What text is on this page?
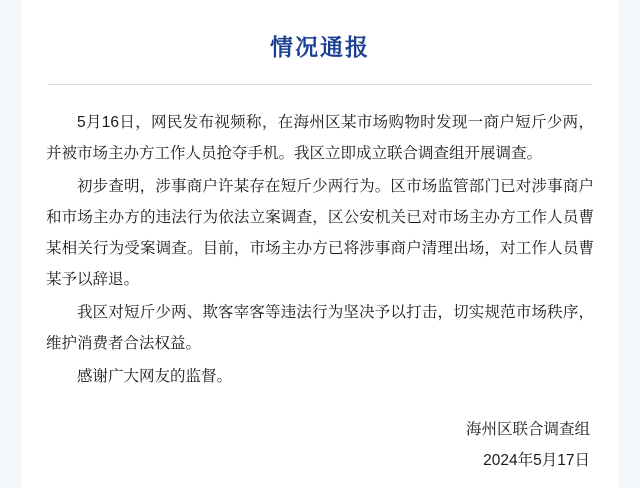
情况通报

5月16日，网民发布视频称，在海州区某市场购物时发现一商户短斤少两，并被市场主办方工作人员抢夺手机。我区立即成立联合调查组开展调查。

初步查明，涉事商户许某存在短斤少两行为。区市场监管部门已对涉事商户和市场主办方的违法行为依法立案调查，区公安机关已对市场主办方工作人员曹某相关行为受案调查。目前，市场主办方已将涉事商户清理出场，对工作人员曹某予以辞退。

我区对短斤少两、欺客宰客等违法行为坚决予以打击，切实规范市场秩序，维护消费者合法权益。

感谢广大网友的监督。

海州区联合调查组
2024年5月17日
